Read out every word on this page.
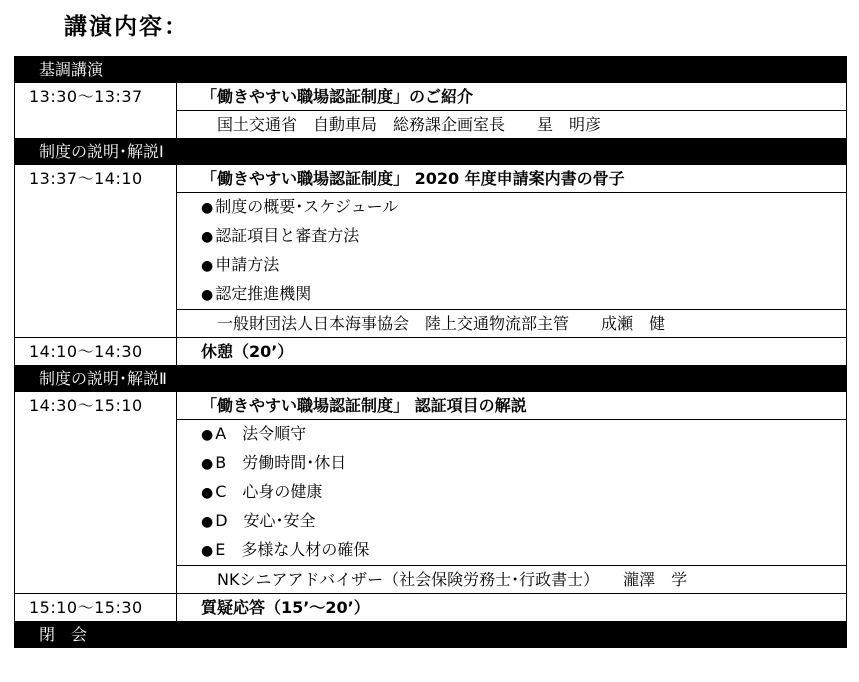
講演内容：
基調講演	
13:30〜13:37	「働きやすい職場認証制度」のご紹介
	国土交通省　自動車局　総務課企画室長　　星　明彦
制度の説明･解説Ⅰ	
13:37〜14:10	「働きやすい職場認証制度」 2020 年度申請案内書の骨子
	● 制度の概要･スケジュール
	● 認証項目と審査方法
	● 申請方法
	● 認定推進機関
	一般財団法人日本海事協会　陸上交通物流部主管　　成瀬　健
14:10〜14:30	休憩（20’）
制度の説明･解説Ⅱ	
14:30〜15:10	「働きやすい職場認証制度」 認証項目の解説
	● A　法令順守
	● B　労働時間･休日
	● C　心身の健康
	● D　安心･安全
	● E　多様な人材の確保
	NKシニアアドバイザー（社会保険労務士･行政書士）　　瀧澤　学
15:10〜15:30	質疑応答（15’〜20’）
閉　会	
